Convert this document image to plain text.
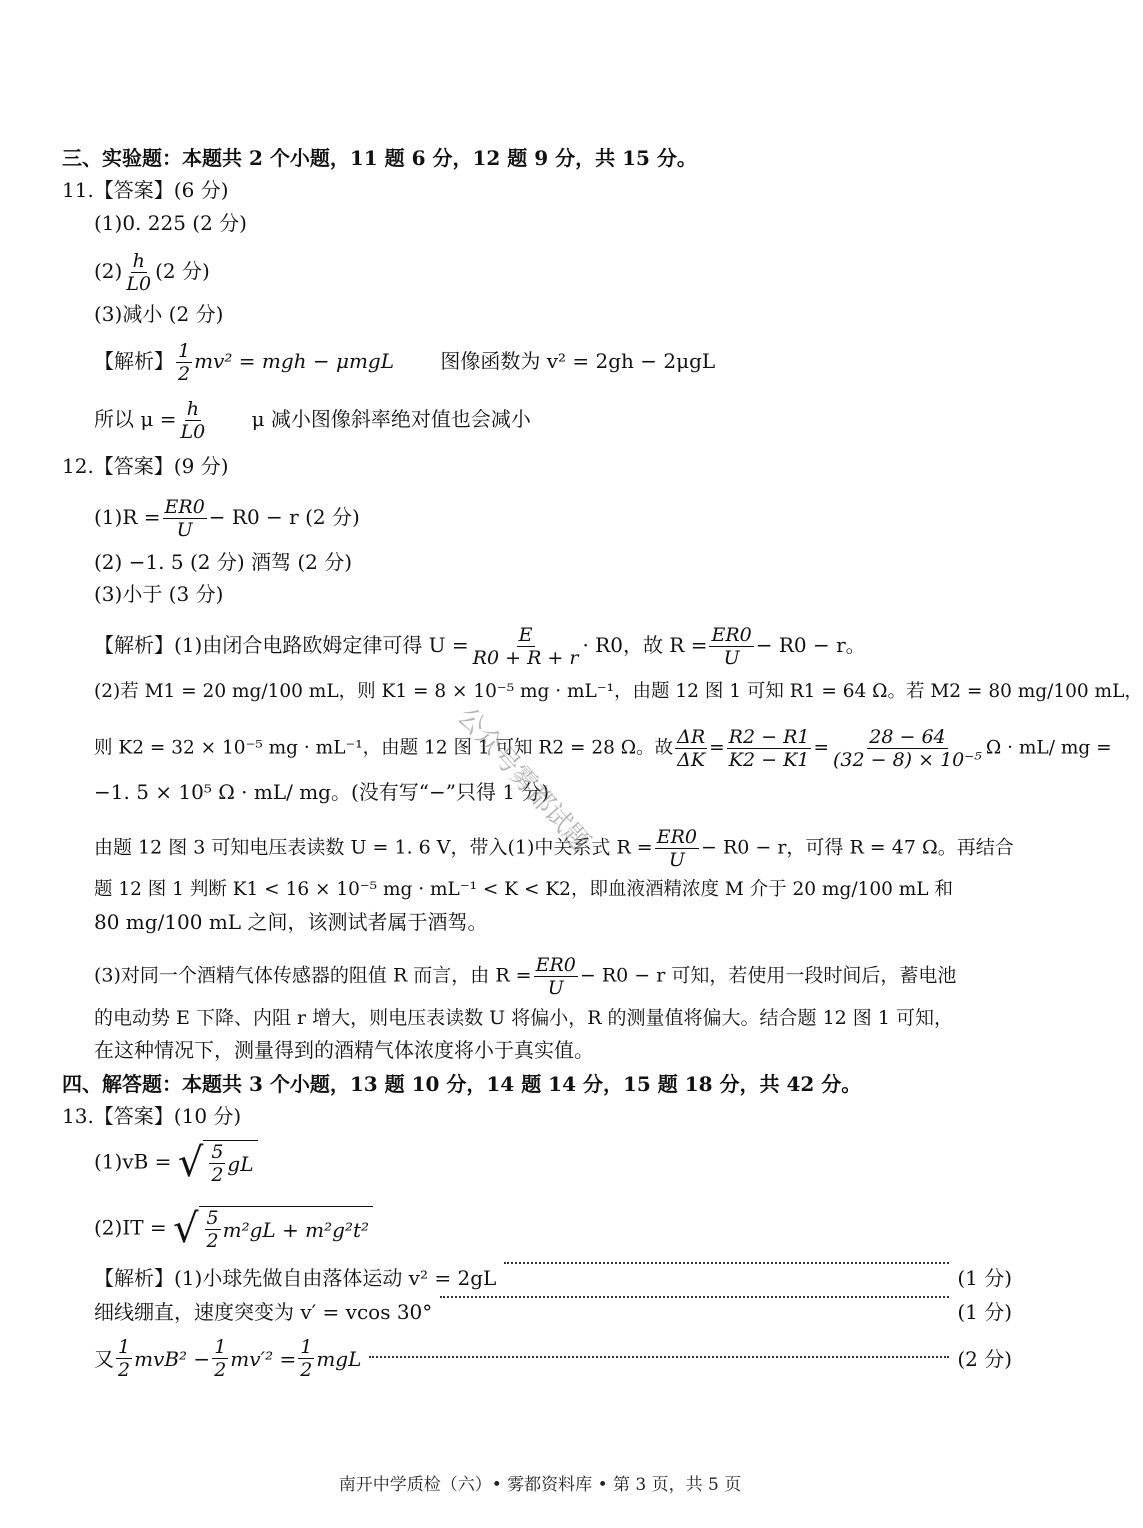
三、实验题：本题共 2 个小题，11 题 6 分，12 题 9 分，共 15 分。
11.【答案】(6 分)
(1)0. 225 (2 分)
$(2) \frac{h}{L0} (2$ 分)
(3)减小 (2 分)
【解析】 $\frac{1}{2} mv^2$ = mgh − μmgL 图像函数为 v² = 2gh − 2μgL
所以 $\mu = \frac{h}{L0}$ μ 减小图像斜率绝对值也会减小
12.【答案】(9 分)
$(1)R = \frac{ER0}{U} - R0 - r$ (2 分)
(2) −1. 5 (2 分) 酒驾 (2 分)
(3)小于 (3 分)
【解析】(1)由闭合电路欧姆定律可得 $U = \frac{E}{R0 + R + r} \cdot R0$，故 $R = \frac{ER0}{U} - R0 - r$。
(2)若 M1 = 20 mg/100 mL，则 K1 = 8 × 10⁻⁵ mg · mL⁻¹，由题 12 图 1 可知 R1 = 64 Ω。若 M2 = 80 mg/100 mL，
则 K2 = 32 × 10⁻⁵ mg · mL⁻¹，由题 12 图 1 可知 R2 = 28 Ω。故 $\frac{\Delta R}{\Delta K} = \frac{R2 - R1}{K2 - K1} = \frac{28 - 64}{\text{(32 − 8) × 10⁻⁵}}$ Ω · mL/ mg =
−1. 5 × 10⁵ Ω · mL/ mg。(没有写“−”只得 1 分)
由题 12 图 3 可知电压表读数 U = 1. 6 V，带入(1)中关系式 $R = \frac{ER0}{U} - R0 - r$，可得 R = 47 Ω。再结合
题 12 图 1 判断 K1 < 16 × 10⁻⁵ mg · mL⁻¹ < K < K2，即血液酒精浓度 M 介于 20 mg/100 mL 和
80 mg/100 mL 之间，该测试者属于酒驾。
(3)对同一个酒精气体传感器的阻值 R 而言，由 $R = \frac{ER0}{U} - R0 - r$ 可知，若使用一段时间后，蓄电池
的电动势 E 下降、内阻 r 增大，则电压表读数 U 将偏小，R 的测量值将偏大。结合题 12 图 1 可知，
在这种情况下，测量得到的酒精气体浓度将小于真实值。
四、解答题：本题共 3 个小题，13 题 10 分，14 题 14 分，15 题 18 分，共 42 分。
13.【答案】(10 分)
(1)vB = √ $\frac{5}{2}$ gL
(2)IT = √ $\frac{5}{2} m^2gL + m^2g^2t^2$
【解析】(1)小球先做自由落体运动 v² = 2gL	(1 分)
细线绷直，速度突变为 v′ = vcos 30°	(1 分)
又 $\frac{1}{2} mvB^2 - \frac{1}{2} mv'^2 = \frac{1}{2}$ mgL	(2 分)
公众号雾都试题
南开中学质检（六）• 雾都资料库 • 第 3 页，共 5 页
